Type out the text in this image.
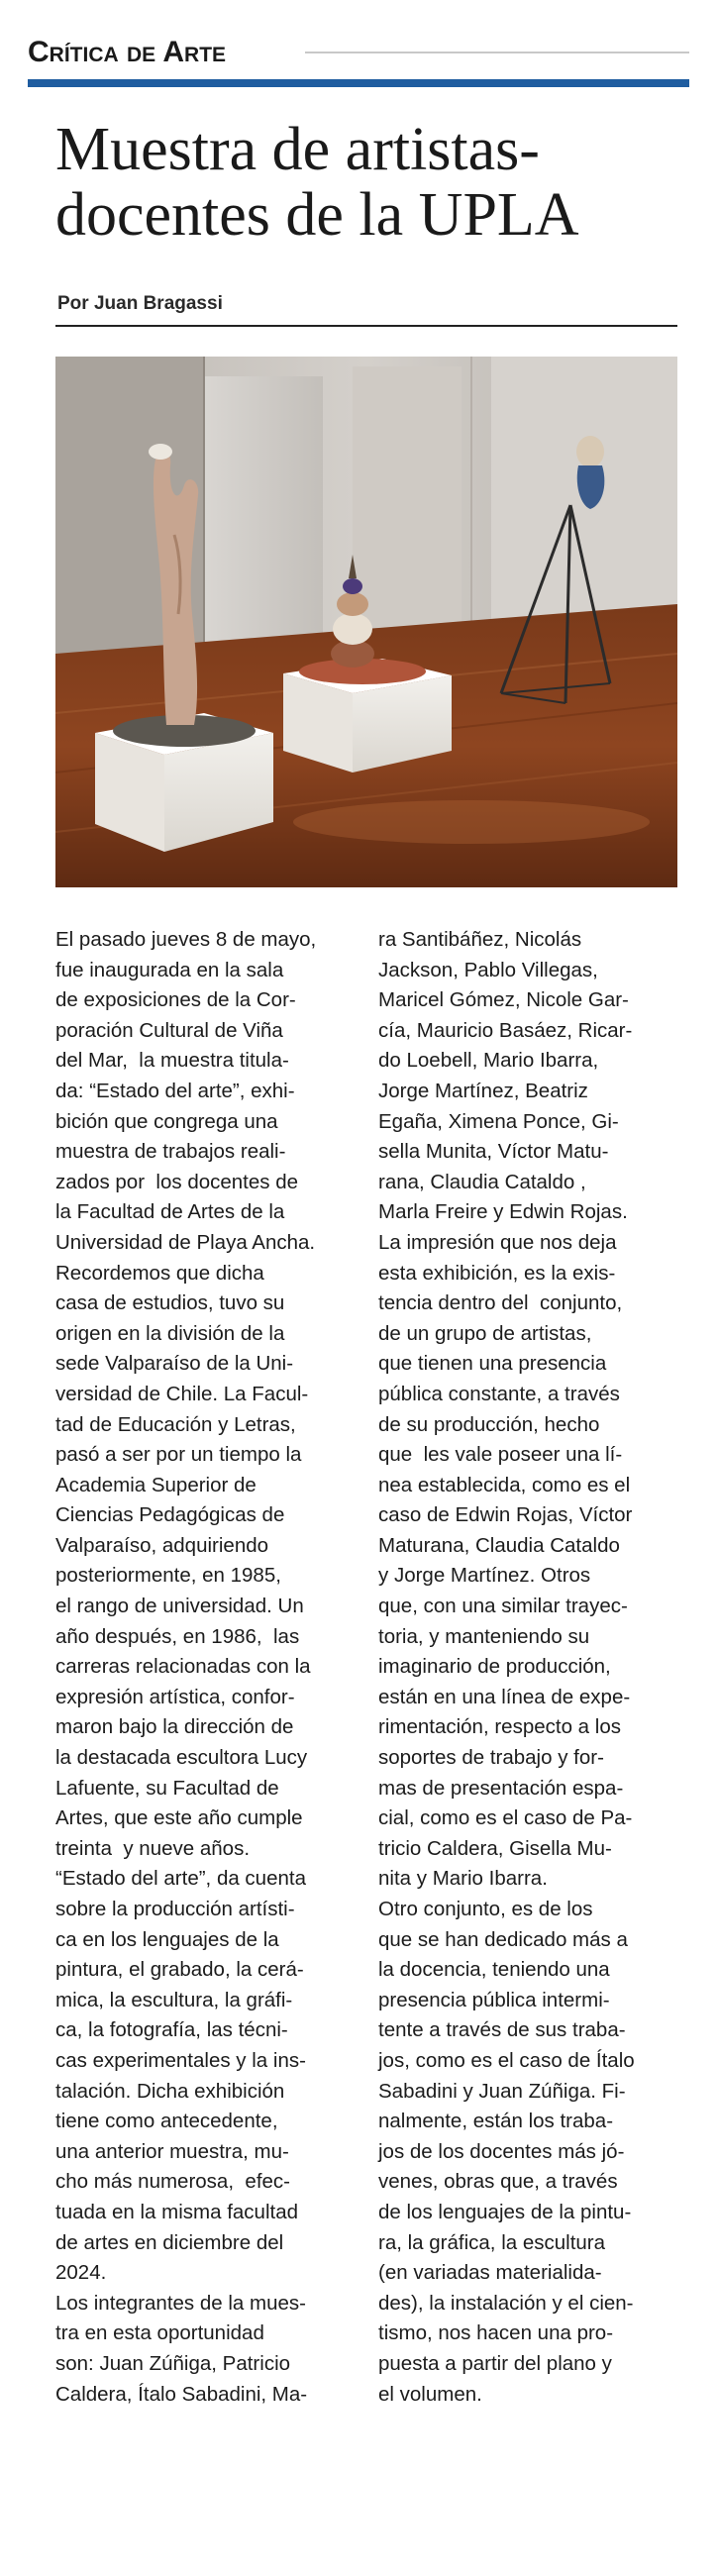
Crítica de Arte
Muestra de artistas-
docentes de la UPLA
Por Juan Bragassi
El pasado jueves 8 de mayo,
fue inaugurada en la sala
de exposiciones de la Cor-
poración Cultural de Viña
del Mar,  la muestra titula-
da: “Estado del arte”, exhi-
bición que congrega una
muestra de trabajos reali-
zados por  los docentes de
la Facultad de Artes de la
Universidad de Playa Ancha.
Recordemos que dicha
casa de estudios, tuvo su
origen en la división de la
sede Valparaíso de la Uni-
versidad de Chile. La Facul-
tad de Educación y Letras,
pasó a ser por un tiempo la
Academia Superior de
Ciencias Pedagógicas de
Valparaíso, adquiriendo
posteriormente, en 1985,
el rango de universidad. Un
año después, en 1986,  las
carreras relacionadas con la
expresión artística, confor-
maron bajo la dirección de
la destacada escultora Lucy
Lafuente, su Facultad de
Artes, que este año cumple
treinta  y nueve años.
“Estado del arte”, da cuenta
sobre la producción artísti-
ca en los lenguajes de la
pintura, el grabado, la cerá-
mica, la escultura, la gráfi-
ca, la fotografía, las técni-
cas experimentales y la ins-
talación. Dicha exhibición
tiene como antecedente,
una anterior muestra, mu-
cho más numerosa,  efec-
tuada en la misma facultad
de artes en diciembre del
2024.
Los integrantes de la mues-
tra en esta oportunidad
son: Juan Zúñiga, Patricio
Caldera, Ítalo Sabadini, Ma-
ra Santibáñez, Nicolás
Jackson, Pablo Villegas,
Maricel Gómez, Nicole Gar-
cía, Mauricio Basáez, Ricar-
do Loebell, Mario Ibarra,
Jorge Martínez, Beatriz
Egaña, Ximena Ponce, Gi-
sella Munita, Víctor Matu-
rana, Claudia Cataldo ,
Marla Freire y Edwin Rojas.
La impresión que nos deja
esta exhibición, es la exis-
tencia dentro del  conjunto,
de un grupo de artistas,
que tienen una presencia
pública constante, a través
de su producción, hecho
que  les vale poseer una lí-
nea establecida, como es el
caso de Edwin Rojas, Víctor
Maturana, Claudia Cataldo
y Jorge Martínez. Otros
que, con una similar trayec-
toria, y manteniendo su
imaginario de producción,
están en una línea de expe-
rimentación, respecto a los
soportes de trabajo y for-
mas de presentación espa-
cial, como es el caso de Pa-
tricio Caldera, Gisella Mu-
nita y Mario Ibarra.
Otro conjunto, es de los
que se han dedicado más a
la docencia, teniendo una
presencia pública intermi-
tente a través de sus traba-
jos, como es el caso de Ítalo
Sabadini y Juan Zúñiga. Fi-
nalmente, están los traba-
jos de los docentes más jó-
venes, obras que, a través
de los lenguajes de la pintu-
ra, la gráfica, la escultura
(en variadas materialida-
des), la instalación y el cien-
tismo, nos hacen una pro-
puesta a partir del plano y
el volumen.
